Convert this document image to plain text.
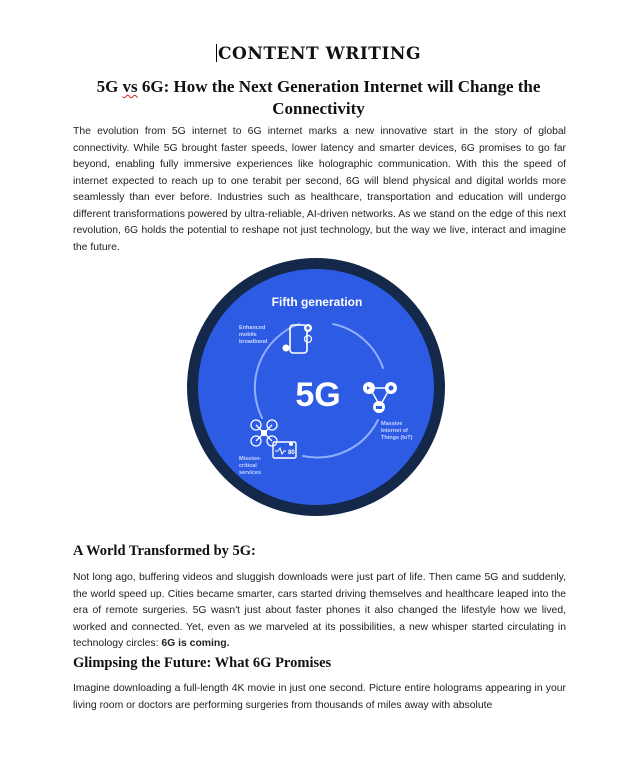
CONTENT WRITING
5G vs 6G: How the Next Generation Internet will Change the Connectivity

The evolution from 5G internet to 6G internet marks a new innovative start in the story of global connectivity. While 5G brought faster speeds, lower latency and smarter devices, 6G promises to go far beyond, enabling fully immersive experiences like holographic communication. With this the speed of internet expected to reach up to one terabit per second, 6G will blend physical and digital worlds more seamlessly than ever before. Industries such as healthcare, transportation and education will undergo different transformations powered by ultra-reliable, AI-driven networks. As we stand on the edge of this next revolution, 6G holds the potential to reshape not just technology, but the way we live, interact and imagine the future.

Fifth generation
Enhanced
mobile
broadband
5G
Massive
Internet of
Things (IoT)
80
Mission-
critical
services
A World Transformed by 5G:

Not long ago, buffering videos and sluggish downloads were just part of life. Then came 5G and suddenly, the world speed up. Cities became smarter, cars started driving themselves and healthcare leaped into the era of remote surgeries. 5G wasn't just about faster phones it also changed the lifestyle how we lived, worked and connected. Yet, even as we marveled at its possibilities, a new whisper started circulating in technology circles: 6G is coming.

Glimpsing the Future: What 6G Promises

Imagine downloading a full-length 4K movie in just one second. Picture entire holograms appearing in your living room or doctors are performing surgeries from thousands of miles away with absolute
